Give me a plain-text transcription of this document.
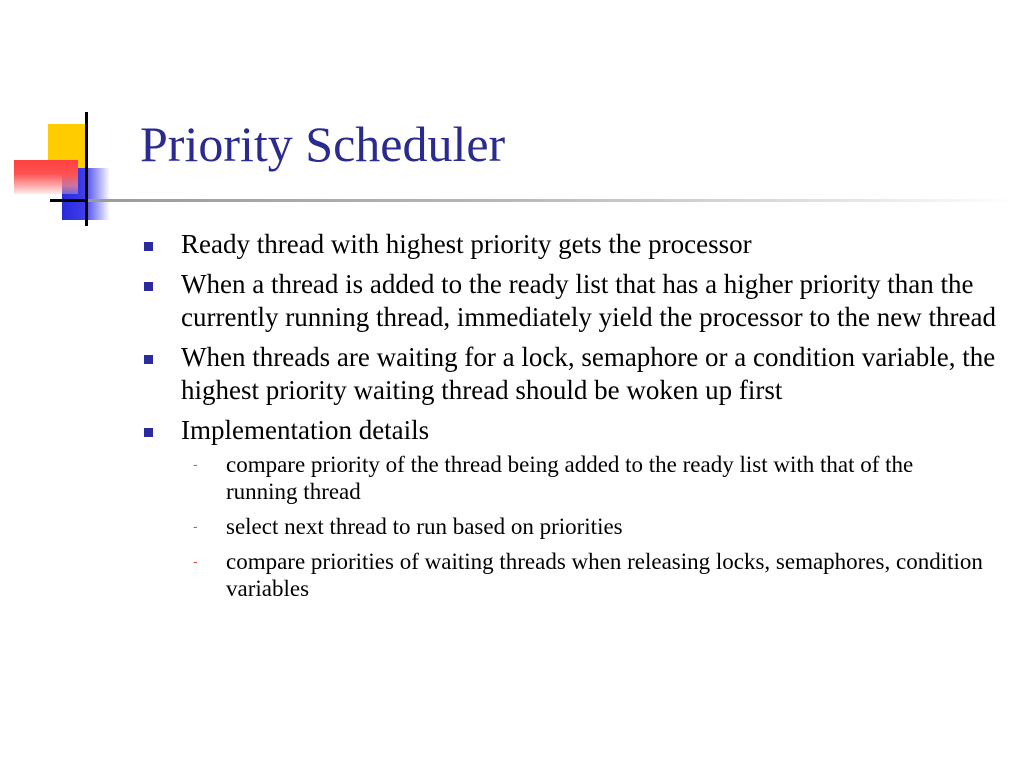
Priority Scheduler
Ready thread with highest priority gets the processor
When a thread is added to the ready list that has a higher priority than the currently running thread, immediately yield the processor to the new thread
When threads are waiting for a lock, semaphore or a condition variable, the highest priority waiting thread should be woken up first
Implementation details
- compare priority of the thread being added to the ready list with that of the running thread
- select next thread to run based on priorities
- compare priorities of waiting threads when releasing locks, semaphores, condition variables
